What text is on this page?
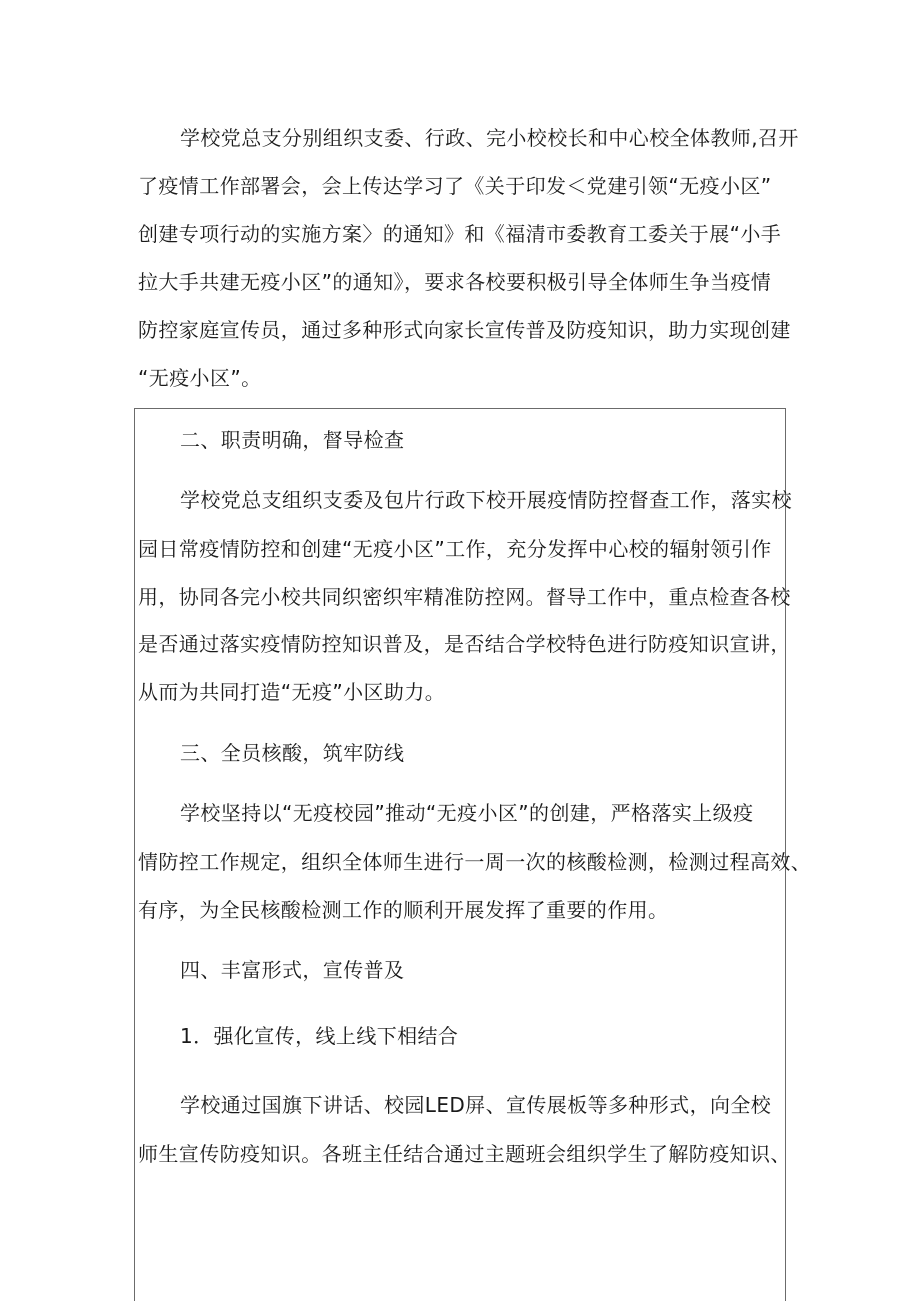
学校党总支分别组织支委、行政、完小校校长和中心校全体教师,召开
了疫情工作部署会，会上传达学习了《关于印发＜党建引领“无疫小区”
创建专项行动的实施方案〉的通知》和《福清市委教育工委关于展“小手
拉大手共建无疫小区”的通知》，要求各校要积极引导全体师生争当疫情
防控家庭宣传员，通过多种形式向家长宣传普及防疫知识，助力实现创建
“无疫小区”。
二、职责明确，督导检查
学校党总支组织支委及包片行政下校开展疫情防控督查工作，落实校
园日常疫情防控和创建“无疫小区”工作，充分发挥中心校的辐射领引作
用，协同各完小校共同织密织牢精准防控网。督导工作中，重点检查各校
是否通过落实疫情防控知识普及，是否结合学校特色进行防疫知识宣讲，
从而为共同打造“无疫”小区助力。
三、全员核酸，筑牢防线
学校坚持以“无疫校园”推动“无疫小区”的创建，严格落实上级疫
情防控工作规定，组织全体师生进行一周一次的核酸检测，检测过程高效、
有序，为全民核酸检测工作的顺利开展发挥了重要的作用。
四、丰富形式，宣传普及
1．强化宣传，线上线下相结合
学校通过国旗下讲话、校园LED屏、宣传展板等多种形式，向全校
师生宣传防疫知识。各班主任结合通过主题班会组织学生了解防疫知识、
